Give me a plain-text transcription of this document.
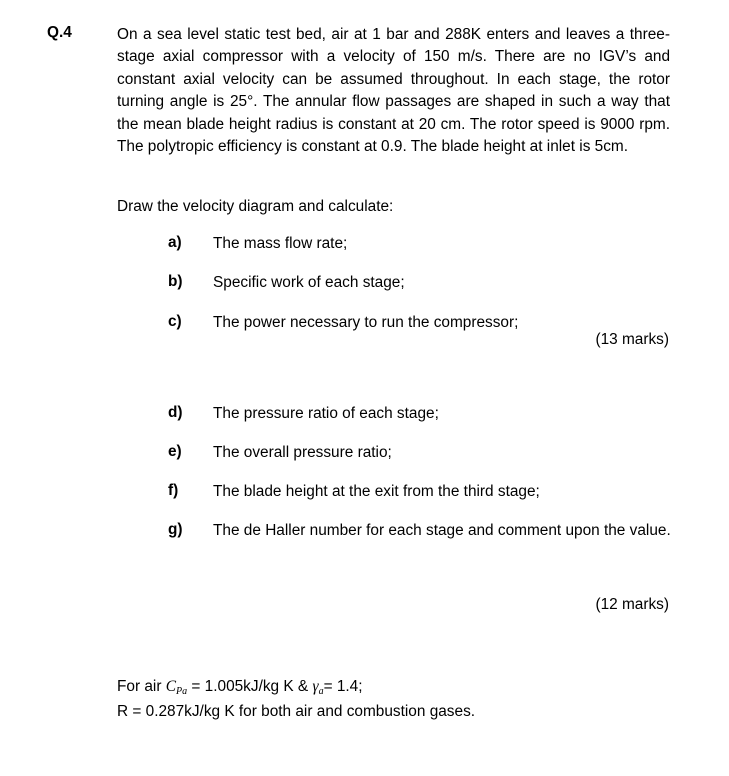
Q.4	On a sea level static test bed, air at 1 bar and 288K enters and leaves a three-stage axial compressor with a velocity of 150 m/s. There are no IGV’s and constant axial velocity can be assumed throughout. In each stage, the rotor turning angle is 25°. The annular flow passages are shaped in such a way that the mean blade height radius is constant at 20 cm. The rotor speed is 9000 rpm. The polytropic efficiency is constant at 0.9. The blade height at inlet is 5cm.

Draw the velocity diagram and calculate:

a) The mass flow rate;
b) Specific work of each stage;
c) The power necessary to run the compressor;
(13 marks)
d) The pressure ratio of each stage;
e) The overall pressure ratio;
f) The blade height at the exit from the third stage;
g) The de Haller number for each stage and comment upon the value.
(12 marks)
For air CPa = 1.005kJ/kg K & γa= 1.4;
R = 0.287kJ/kg K for both air and combustion gases.
